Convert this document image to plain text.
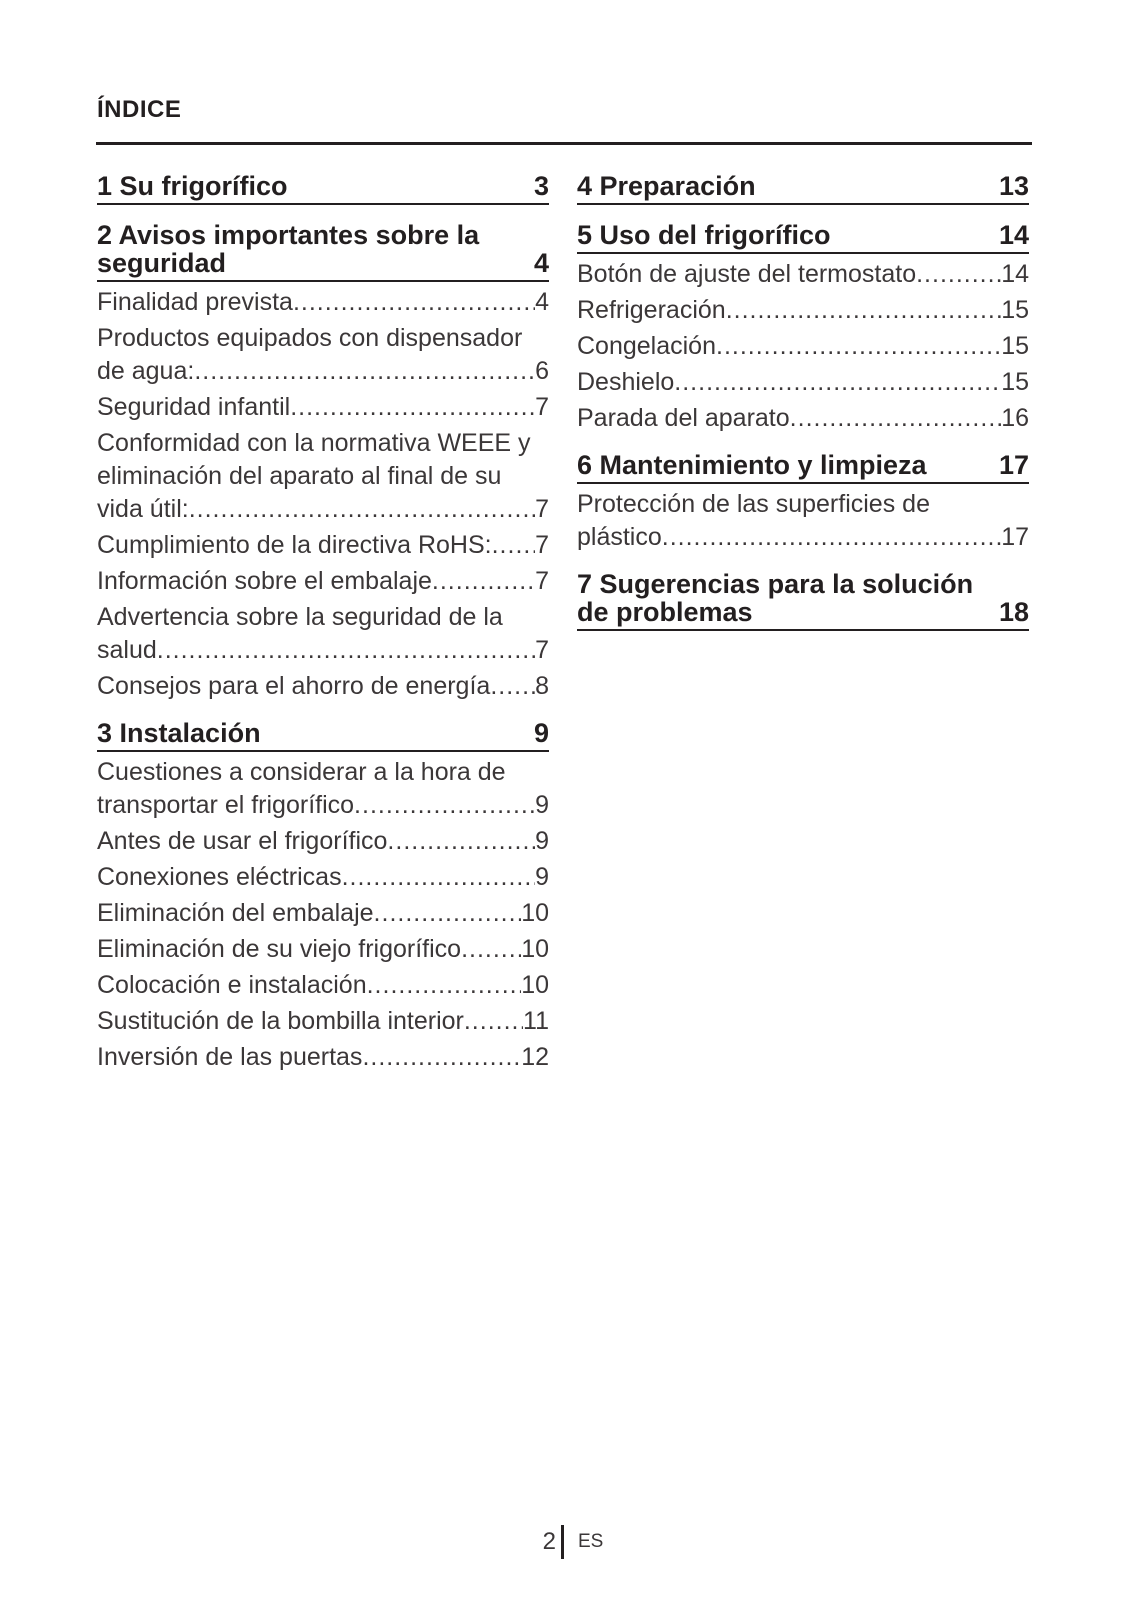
ÍNDICE
1 Su frigorífico	3
2 Avisos importantes sobre la seguridad	4
Finalidad prevista .....	4
Productos equipados con dispensador
de agua: .....	6
Seguridad infantil .....	7
Conformidad con la normativa WEEE y eliminación del aparato al final de su
vida útil: .....	7
Cumplimiento de la directiva RoHS: ..... 7
Información sobre el embalaje .....	7
Advertencia sobre la seguridad de la
salud .....	7
Consejos para el ahorro de energía ..... 8
3 Instalación	9
Cuestiones a considerar a la hora de
transportar el frigorífico .....	9
Antes de usar el frigorífico .....	9
Conexiones eléctricas .....	9
Eliminación del embalaje .....	10
Eliminación de su viejo frigorífico ..... 10
Colocación e instalación .....	10
Sustitución de la bombilla interior ..... 11
Inversión de las puertas .....	12
4 Preparación	13
5 Uso del frigorífico	14
Botón de ajuste del termostato .....	14
Refrigeración .....	15
Congelación .....	15
Deshielo .....	15
Parada del aparato .....	16
6 Mantenimiento y limpieza	17
Protección de las superficies de
plástico .....	17
7 Sugerencias para la solución de problemas	18
2 ES
